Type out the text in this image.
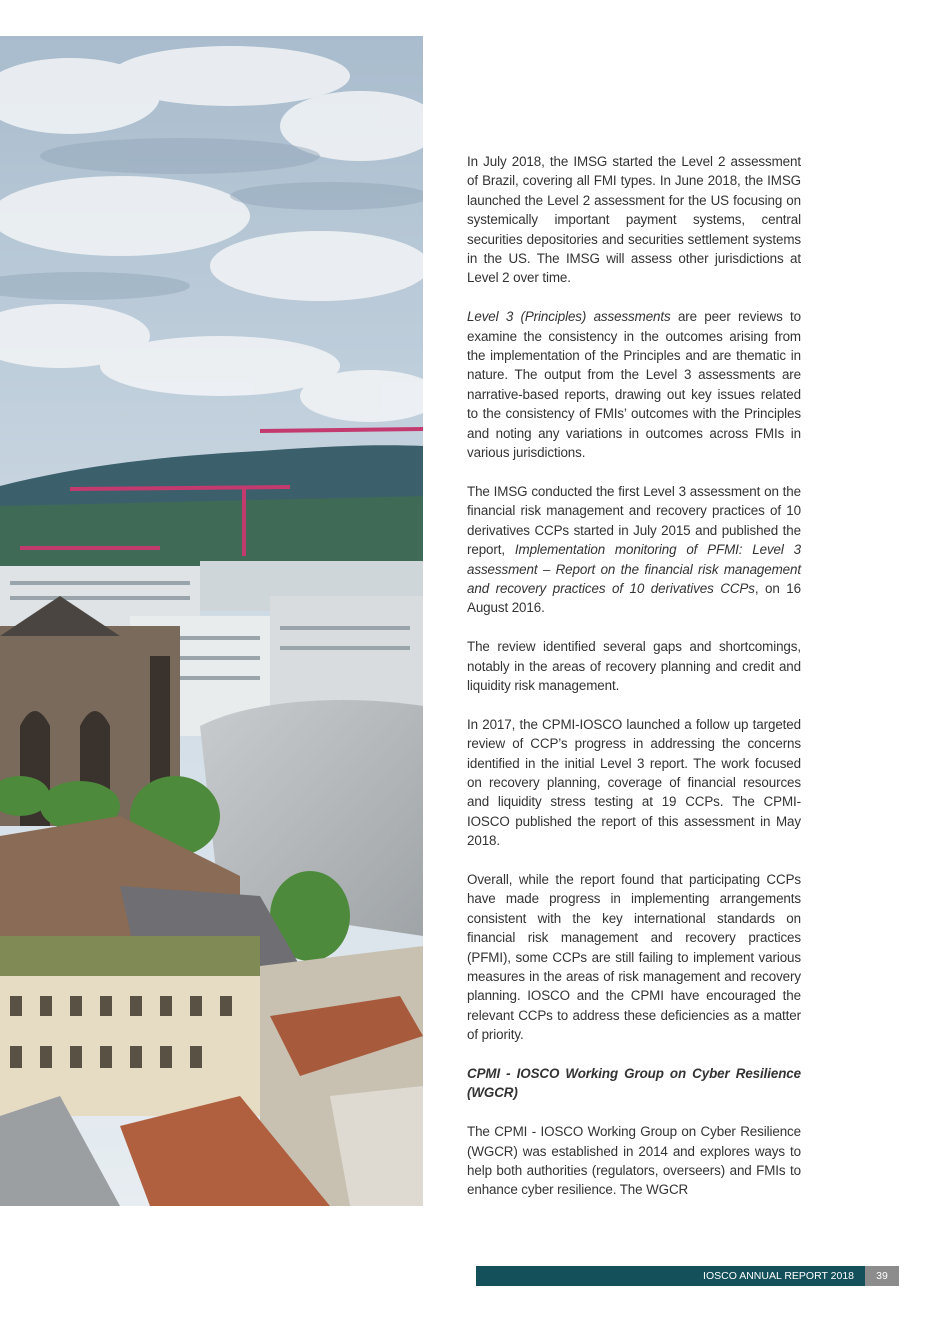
In July 2018, the IMSG started the Level 2 assessment of Brazil, covering all FMI types. In June 2018, the IMSG launched the Level 2 assessment for the US focusing on systemically important payment systems, central securities depositories and securities settlement systems in the US. The IMSG will assess other jurisdictions at Level 2 over time.

Level 3 (Principles) assessments are peer reviews to examine the consistency in the outcomes arising from the implementation of the Principles and are thematic in nature. The output from the Level 3 assessments are narrative-based reports, drawing out key issues related to the consistency of FMIs’ outcomes with the Principles and noting any variations in outcomes across FMIs in various jurisdictions.

The IMSG conducted the first Level 3 assessment on the financial risk management and recovery practices of 10 derivatives CCPs started in July 2015 and published the report, Implementation monitoring of PFMI: Level 3 assessment – Report on the financial risk management and recovery practices of 10 derivatives CCPs, on 16 August 2016.

The review identified several gaps and shortcomings, notably in the areas of recovery planning and credit and liquidity risk management.

In 2017, the CPMI-IOSCO launched a follow up targeted review of CCP’s progress in addressing the concerns identified in the initial Level 3 report. The work focused on recovery planning, coverage of financial resources and liquidity stress testing at 19 CCPs. The CPMI-IOSCO published the report of this assessment in May 2018.

Overall, while the report found that participating CCPs have made progress in implementing arrangements consistent with the key international standards on financial risk management and recovery practices (PFMI), some CCPs are still failing to implement various measures in the areas of risk management and recovery planning. IOSCO and the CPMI have encouraged the relevant CCPs to address these deficiencies as a matter of priority.

CPMI - IOSCO Working Group on Cyber Resilience (WGCR)

The CPMI - IOSCO Working Group on Cyber Resilience (WGCR) was established in 2014 and explores ways to help both authorities (regulators, overseers) and FMIs to enhance cyber resilience. The WGCR

IOSCO ANNUAL REPORT 2018	39
